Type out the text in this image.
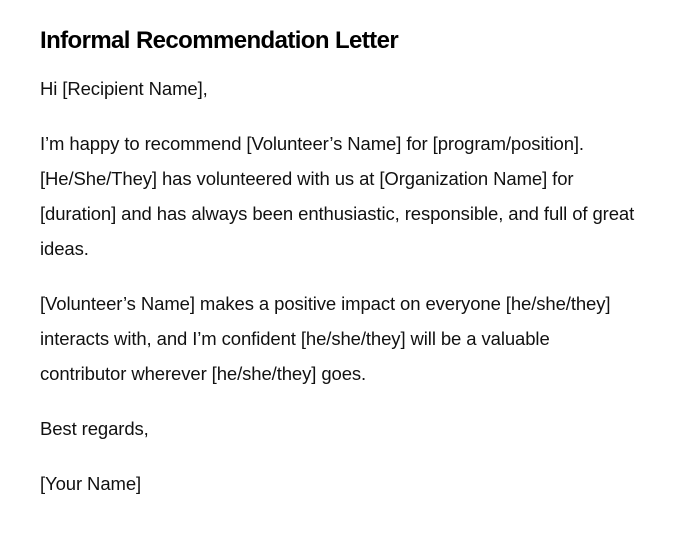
Informal Recommendation Letter

Hi [Recipient Name],

I’m happy to recommend [Volunteer’s Name] for [program/position]. [He/She/They] has volunteered with us at [Organization Name] for [duration] and has always been enthusiastic, responsible, and full of great ideas.

[Volunteer’s Name] makes a positive impact on everyone [he/she/they] interacts with, and I’m confident [he/she/they] will be a valuable contributor wherever [he/she/they] goes.

Best regards,

[Your Name]
